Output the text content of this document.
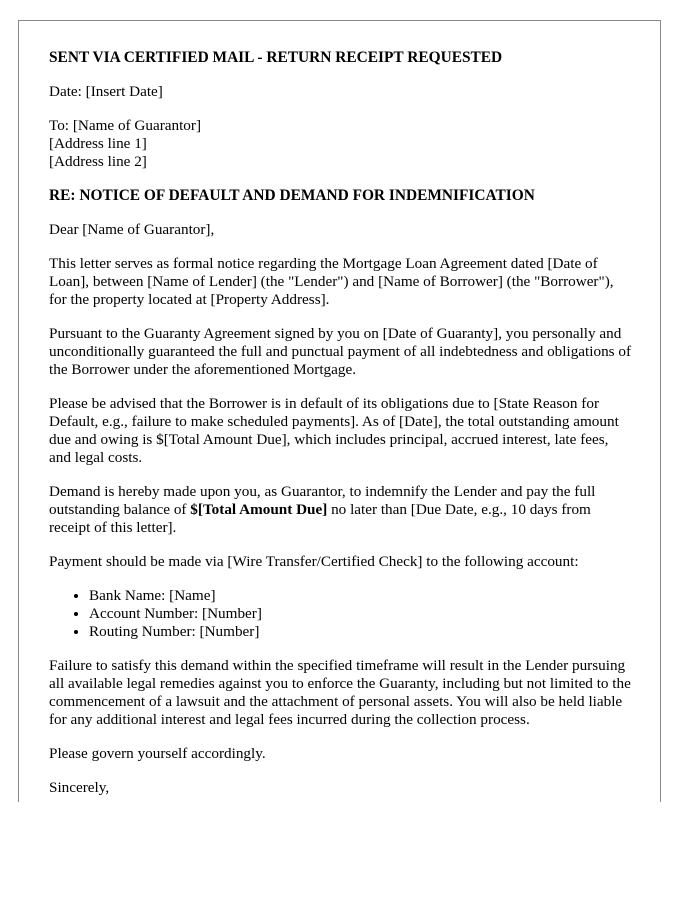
SENT VIA CERTIFIED MAIL - RETURN RECEIPT REQUESTED

Date: [Insert Date]

To: [Name of Guarantor]
[Address line 1]
[Address line 2]
RE: NOTICE OF DEFAULT AND DEMAND FOR INDEMNIFICATION

Dear [Name of Guarantor],

This letter serves as formal notice regarding the Mortgage Loan Agreement dated [Date of Loan], between [Name of Lender] (the "Lender") and [Name of Borrower] (the "Borrower"), for the property located at [Property Address].

Pursuant to the Guaranty Agreement signed by you on [Date of Guaranty], you personally and unconditionally guaranteed the full and punctual payment of all indebtedness and obligations of the Borrower under the aforementioned Mortgage.

Please be advised that the Borrower is in default of its obligations due to [State Reason for Default, e.g., failure to make scheduled payments]. As of [Date], the total outstanding amount due and owing is $[Total Amount Due], which includes principal, accrued interest, late fees, and legal costs.

Demand is hereby made upon you, as Guarantor, to indemnify the Lender and pay the full outstanding balance of $[Total Amount Due] no later than [Due Date, e.g., 10 days from receipt of this letter].

Payment should be made via [Wire Transfer/Certified Check] to the following account:

• Bank Name: [Name]
• Account Number: [Number]
• Routing Number: [Number]

Failure to satisfy this demand within the specified timeframe will result in the Lender pursuing all available legal remedies against you to enforce the Guaranty, including but not limited to the commencement of a lawsuit and the attachment of personal assets. You will also be held liable for any additional interest and legal fees incurred during the collection process.

Please govern yourself accordingly.

Sincerely,
